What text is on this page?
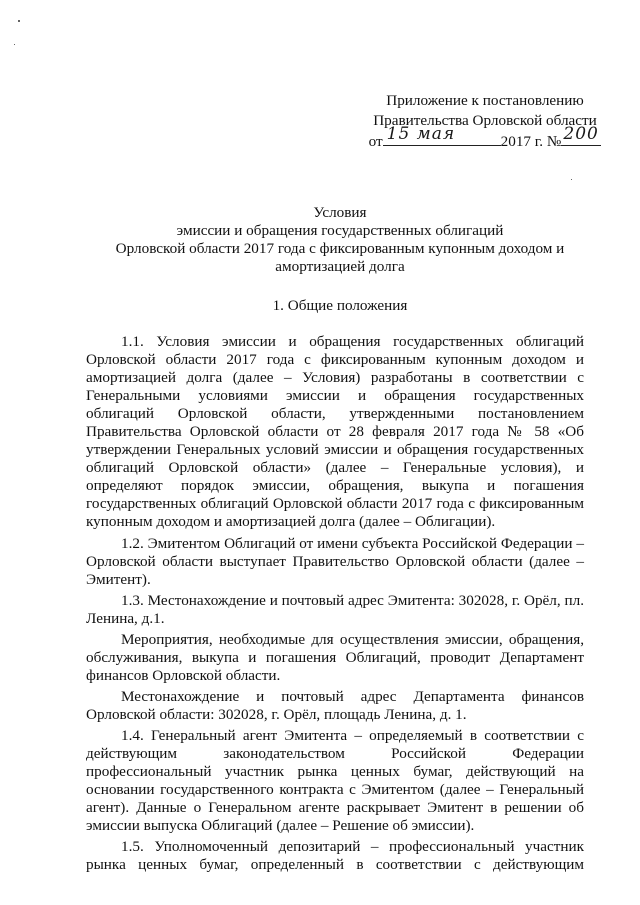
Приложение к постановлению
Правительства Орловской области
от 15 мая	2017 г. № 200
Условия
эмиссии и обращения государственных облигаций
Орловской области 2017 года с фиксированным купонным доходом и
амортизацией долга
1. Общие положения

1.1. Условия эмиссии и обращения государственных облигаций Орловской области 2017 года с фиксированным купонным доходом и амортизацией долга (далее – Условия) разработаны в соответствии с Генеральными условиями эмиссии и обращения государственных облигаций Орловской области, утвержденными постановлением Правительства Орловской области от 28 февраля 2017 года № 58 «Об утверждении Генеральных условий эмиссии и обращения государственных облигаций Орловской области» (далее – Генеральные условия), и определяют порядок эмиссии, обращения, выкупа и погашения государственных облигаций Орловской области 2017 года с фиксированным купонным доходом и амортизацией долга (далее – Облигации).

1.2. Эмитентом Облигаций от имени субъекта Российской Федерации – Орловской области выступает Правительство Орловской области (далее – Эмитент).

1.3. Местонахождение и почтовый адрес Эмитента: 302028, г. Орёл, пл. Ленина, д.1.

Мероприятия, необходимые для осуществления эмиссии, обращения, обслуживания, выкупа и погашения Облигаций, проводит Департамент финансов Орловской области.

Местонахождение и почтовый адрес Департамента финансов Орловской области: 302028, г. Орёл, площадь Ленина, д. 1.

1.4. Генеральный агент Эмитента – определяемый в соответствии с действующим законодательством Российской Федерации профессиональный участник рынка ценных бумаг, действующий на основании государственного контракта с Эмитентом (далее – Генеральный агент). Данные о Генеральном агенте раскрывает Эмитент в решении об эмиссии выпуска Облигаций (далее – Решение об эмиссии).

1.5. Уполномоченный депозитарий – профессиональный участник рынка ценных бумаг, определенный в соответствии с действующим
